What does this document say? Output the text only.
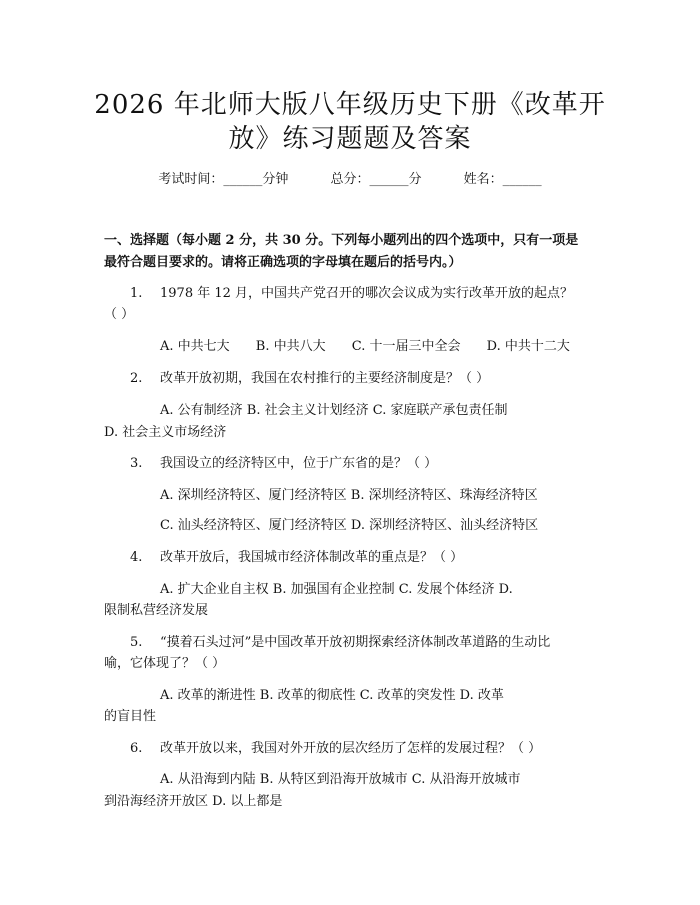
2026 年北师大版八年级历史下册《改革开
放》练习题题及答案
考试时间：______分钟	总分：______分	姓名：______
一、选择题（每小题 2 分，共 30 分。下列每小题列出的四个选项中，只有一项是
最符合题目要求的。请将正确选项的字母填在题后的括号内。）
1. 1978 年 12 月，中国共产党召开的哪次会议成为实行改革开放的起点？
（ ）
A. 中共七大 B. 中共八大 C. 十一届三中全会 D. 中共十二大
2. 改革开放初期，我国在农村推行的主要经济制度是？（ ）
A. 公有制经济 B. 社会主义计划经济 C. 家庭联产承包责任制
D. 社会主义市场经济
3. 我国设立的经济特区中，位于广东省的是？（ ）
A. 深圳经济特区、厦门经济特区 B. 深圳经济特区、珠海经济特区
C. 汕头经济特区、厦门经济特区 D. 深圳经济特区、汕头经济特区
4. 改革开放后，我国城市经济体制改革的重点是？（ ）
A. 扩大企业自主权 B. 加强国有企业控制 C. 发展个体经济 D.
限制私营经济发展
5. “摸着石头过河”是中国改革开放初期探索经济体制改革道路的生动比
喻，它体现了？（ ）
A. 改革的渐进性 B. 改革的彻底性 C. 改革的突发性 D. 改革
的盲目性
6. 改革开放以来，我国对外开放的层次经历了怎样的发展过程？（ ）
A. 从沿海到内陆 B. 从特区到沿海开放城市 C. 从沿海开放城市
到沿海经济开放区 D. 以上都是
